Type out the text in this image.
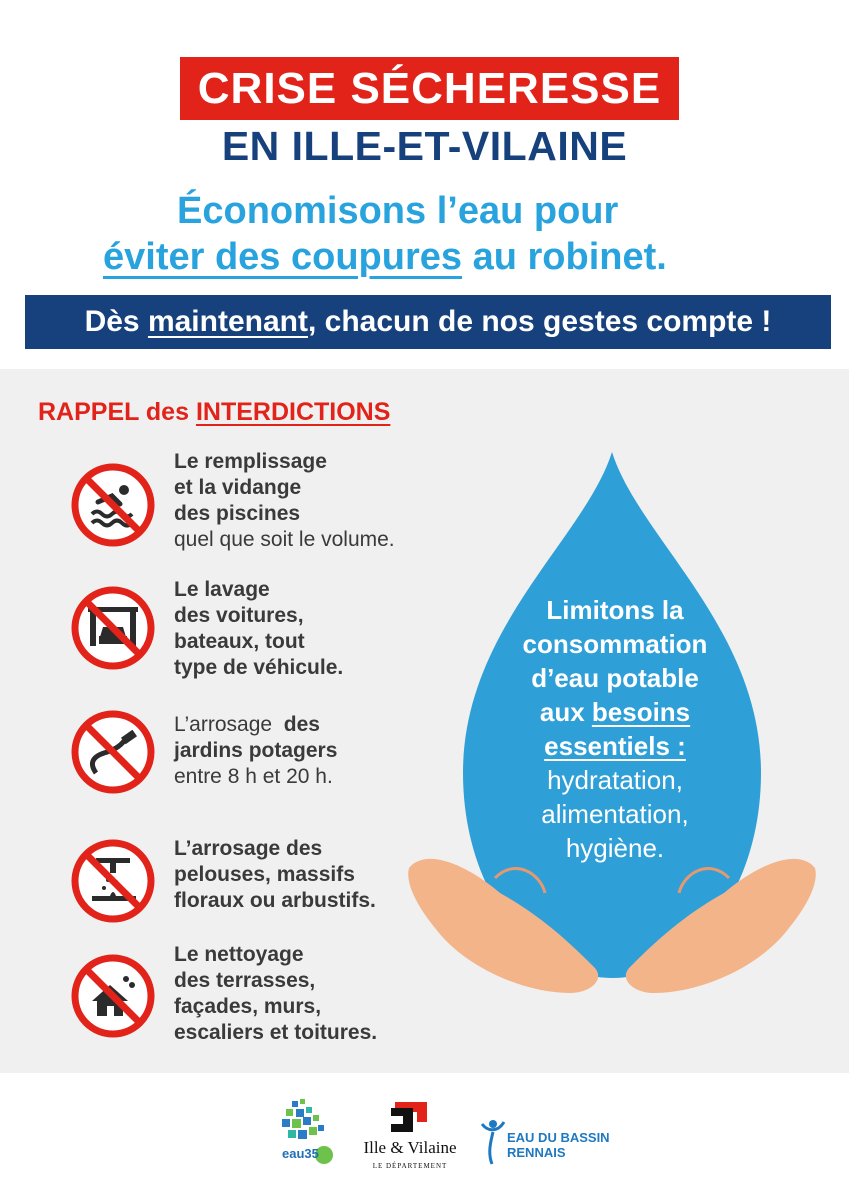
CRISE SÉCHERESSE
EN ILLE-ET-VILAINE
Économisons l’eau pour
éviter des coupures au robinet.
Dès maintenant , chacun de nos gestes compte !
RAPPEL des INTERDICTIONS
Le remplissage
et la vidange
des piscines
quel que soit le volume.
Le lavage
des voitures,
bateaux, tout
type de véhicule.
L’arrosage  des
jardins potagers
entre 8 h et 20 h.
L’arrosage des
pelouses, massifs
floraux ou arbustifs.
Le nettoyage
des terrasses,
façades, murs,
escaliers et toitures.
Limitons la
consommation
d’eau potable
aux besoins
essentiels :
hydratation,
alimentation,
hygiène.
eau35	Ille & Vilaine
LE DÉPARTEMENT
EAU DU BASSIN
RENNAIS
